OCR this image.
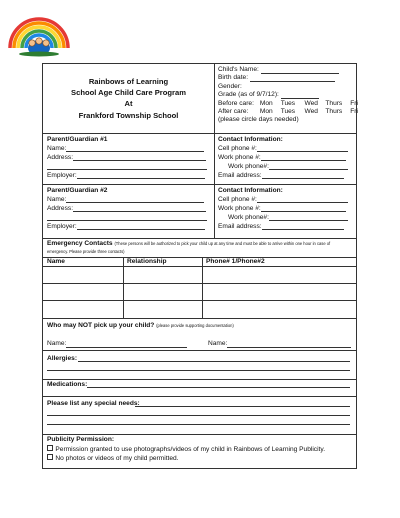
Rainbows of Learning
School Age Child Care Program
At
Frankford Township School
Child's Name:
Birth date:
Gender:
Grade (as of 9/7/12):
Before care: Mon Tues Wed Thurs Fri
After care: Mon Tues Wed Thurs Fri
(please circle days needed)
Parent/Guardian #1
Name:
Address:
Employer:
Contact Information:
Cell phone #:
Work phone #:
Work phone#:
Email address:
Parent/Guardian #2
Name:
Address:
Employer:
Contact Information:
Cell phone #:
Work phone #:
Work phone#:
Email address:
Emergency Contacts (These persons will be authorized to pick your child up at any time and must be able to arrive within one hour in case of emergency. Please provide three contacts)
Name	Relationship	Phone# 1/Phone#2
Who may NOT pick up your child? (please provide supporting documentation)
Name:	Name:
Allergies:
Medications:
Please list any special needs:
Publicity Permission:
Permission granted to use photographs/videos of my child in Rainbows of Learning Publicity.
No photos or videos of my child permitted.
